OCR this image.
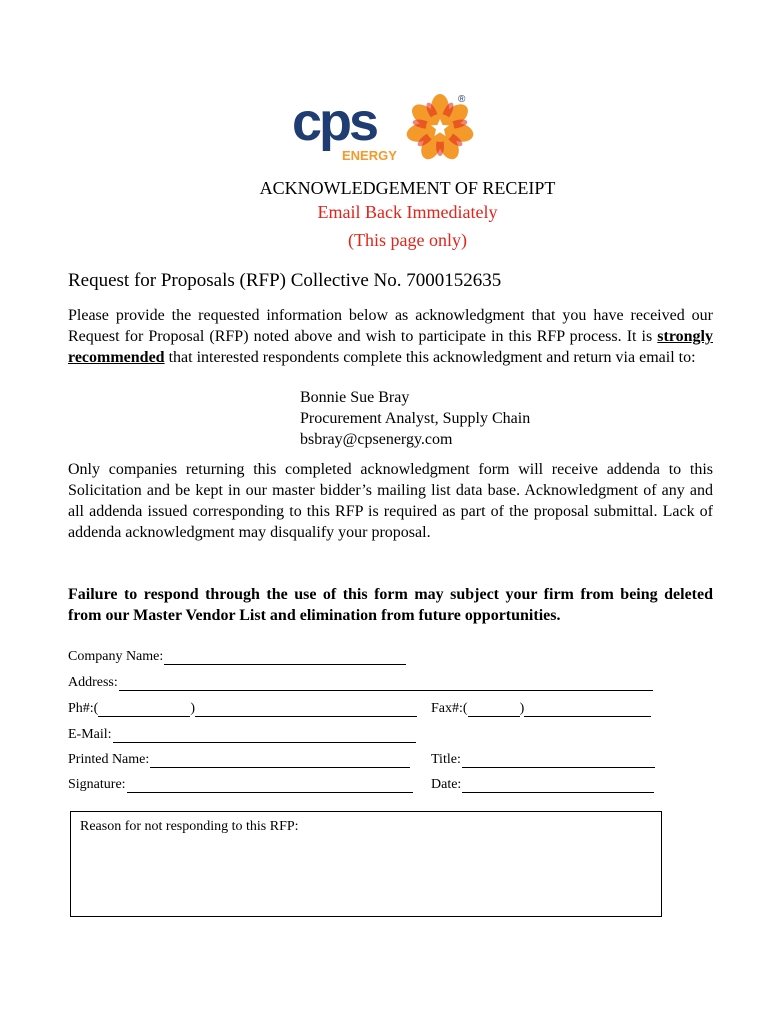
cps
ENERGY
®
ACKNOWLEDGEMENT OF RECEIPT
Email Back Immediately
(This page only)
Request for Proposals (RFP) Collective No. 7000152635
Please provide the requested information below as acknowledgment that you have received our Request for Proposal (RFP) noted above and wish to participate in this RFP process. It is strongly recommended that interested respondents complete this acknowledgment and return via email to:
Bonnie Sue Bray
Procurement Analyst, Supply Chain
bsbray@cpsenergy.com
Only companies returning this completed acknowledgment form will receive addenda to this Solicitation and be kept in our master bidder’s mailing list data base. Acknowledgment of any and all addenda issued corresponding to this RFP is required as part of the proposal submittal. Lack of addenda acknowledgment may disqualify your proposal.
Failure to respond through the use of this form may subject your firm from being deleted from our Master Vendor List and elimination from future opportunities.
Company Name:
Address:
Ph#:(	)	Fax#:(	)
E-Mail:
Printed Name:	Title:
Signature:	Date:
Reason for not responding to this RFP:
